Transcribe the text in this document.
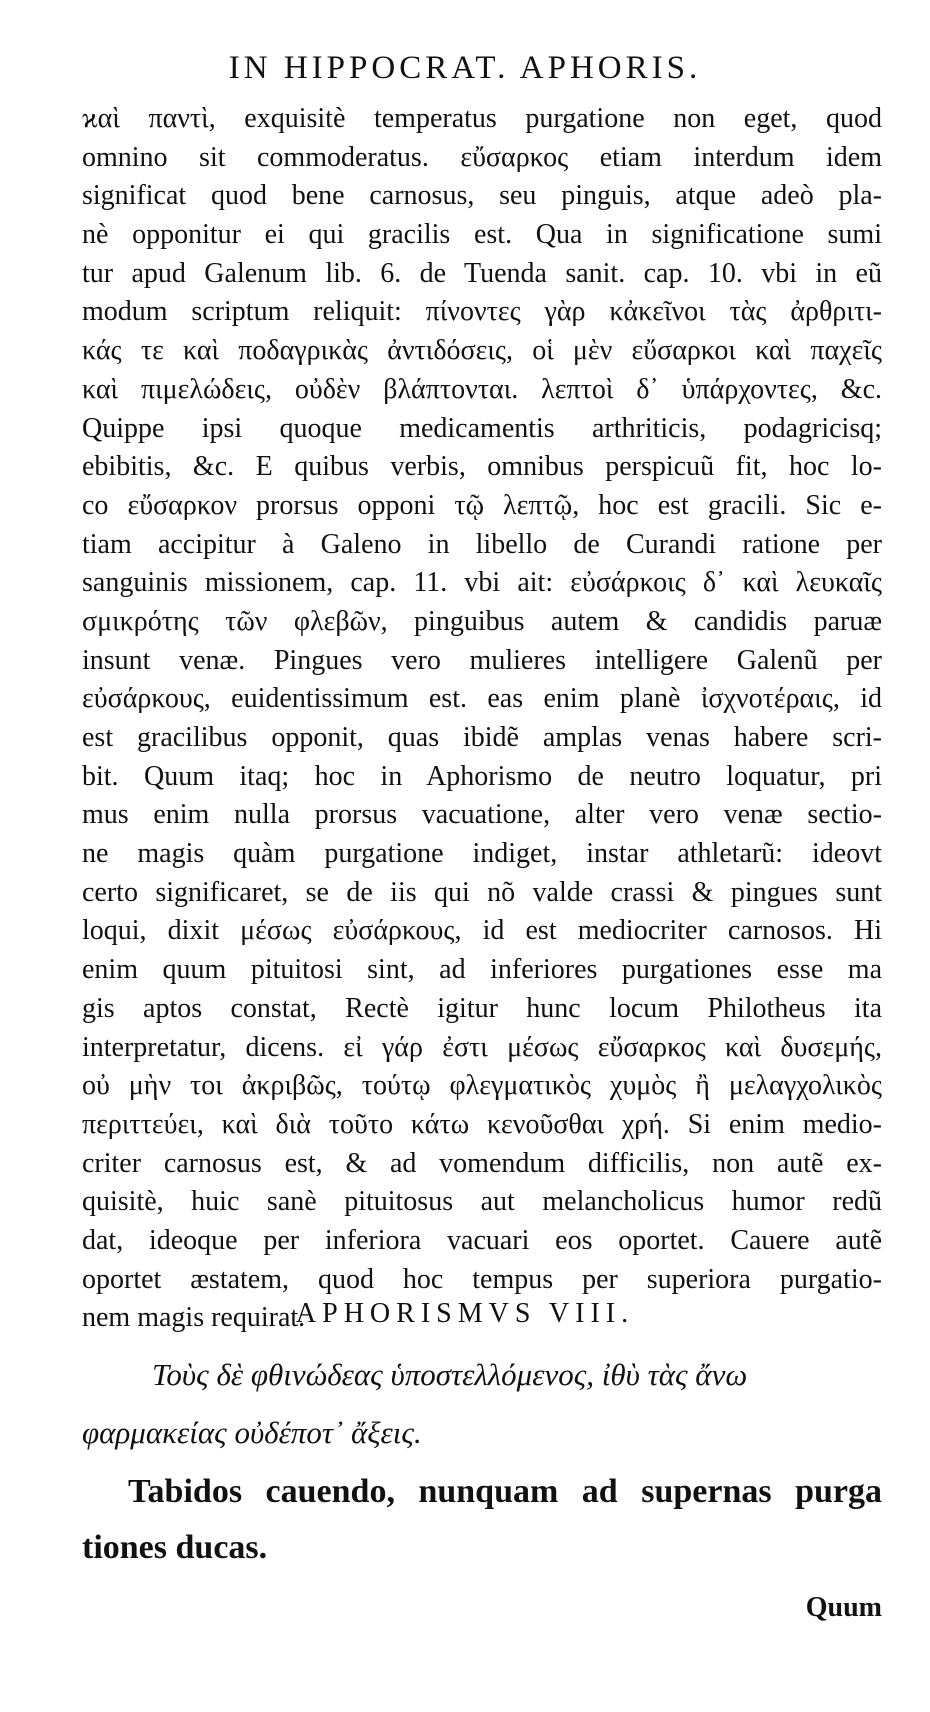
IN HIPPOCRAT. APHORIS.
ϰαὶ παντὶ, exquisitè temperatus purgatione non eget, quod
omnino sit commoderatus. εὔσαρκος etiam interdum idem
significat quod bene carnosus, seu pinguis, atque adeò pla-
nè opponitur ei qui gracilis est. Qua in significatione sumi
tur apud Galenum lib. 6. de Tuenda sanit. cap. 10. vbi in eũ
modum scriptum reliquit: πίνοντες γὰρ κἀκεῖνοι τὰς ἀρθριτι-
κάς τε καὶ ποδαγρικὰς ἀντιδόσεις, οἱ μὲν εὔσαρκοι καὶ παχεῖς
καὶ πιμελώδεις, οὐδὲν βλάπτονται. λεπτοὶ δ᾽ ὑπάρχοντες, &c.
Quippe ipsi quoque medicamentis arthriticis, podagricisq;
ebibitis, &c. E quibus verbis, omnibus perspicuũ fit, hoc lo-
co εὔσαρκον prorsus opponi τῷ λεπτῷ, hoc est gracili. Sic e-
tiam accipitur à Galeno in libello de Curandi ratione per
sanguinis missionem, cap. 11. vbi ait: εὐσάρκοις δ᾽ καὶ λευκαῖς
σμικρότης τῶν φλεβῶν, pinguibus autem & candidis paruæ
insunt venæ. Pingues vero mulieres intelligere Galenũ per
εὐσάρκους, euidentissimum est. eas enim planè ἰσχνοτέραις, id
est gracilibus opponit, quas ibidẽ amplas venas habere scri-
bit. Quum itaq; hoc in Aphorismo de neutro loquatur, pri
mus enim nulla prorsus vacuatione, alter vero venæ sectio-
ne magis quàm purgatione indiget, instar athletarũ: ideovt
certo significaret, se de iis qui nõ valde crassi & pingues sunt
loqui, dixit μέσως εὐσάρκους, id est mediocriter carnosos. Hi
enim quum pituitosi sint, ad inferiores purgationes esse ma
gis aptos constat, Rectè igitur hunc locum Philotheus ita
interpretatur, dicens. εἰ γάρ ἐστι μέσως εὔσαρκος καὶ δυσεμής,
οὐ μὴν τοι ἀκριβῶς, τούτῳ φλεγματικὸς χυμὸς ἢ μελαγχολικὸς
περιττεύει, καὶ διὰ τοῦτο κάτω κενοῦσθαι χρή. Si enim medio-
criter carnosus est, & ad vomendum difficilis, non autẽ ex-
quisitè, huic sanè pituitosus aut melancholicus humor redũ
dat, ideoque per inferiora vacuari eos oportet. Cauere autẽ
oportet æstatem, quod hoc tempus per superiora purgatio-
nem magis requirat.
APHORISMVS VIII.
Τοὺς δὲ φθινώδεας ὑποστελλόμενος, ἰθὺ τὰς ἄνω
φαρμακείας οὐδέποτ᾽ ἄξεις.
Tabidos cauendo, nunquam ad supernas purga
tiones ducas.
Quum
